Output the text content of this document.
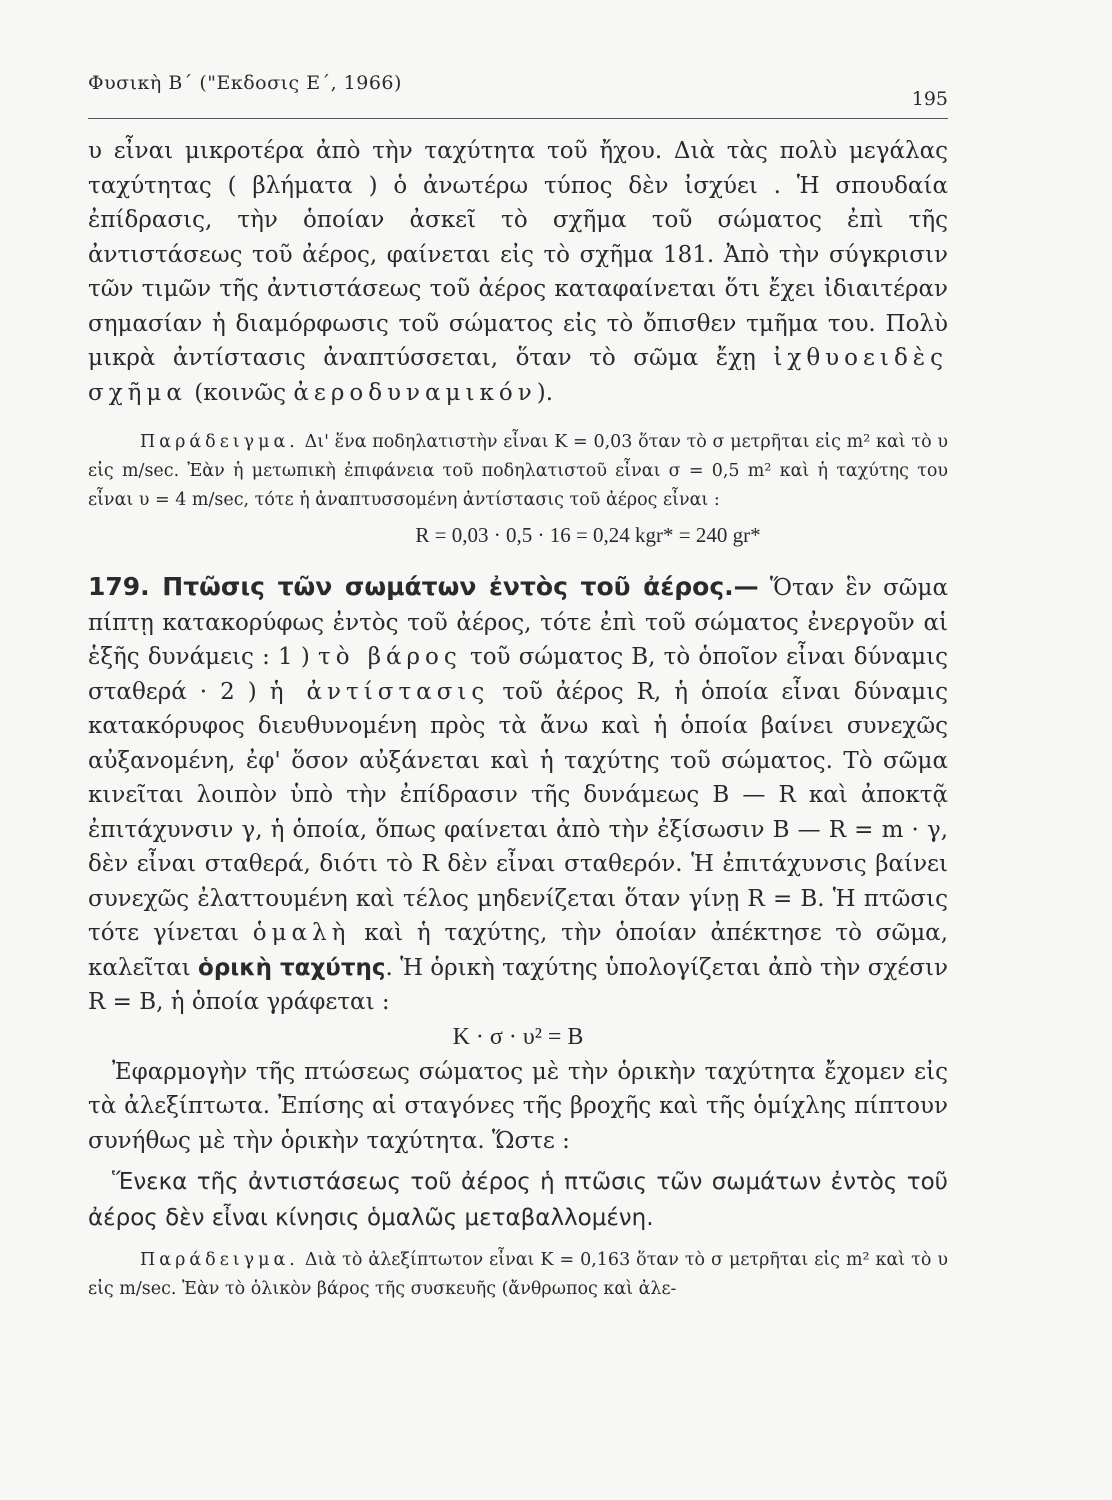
Φυσικὴ Β΄ ("Εκδοσις Ε΄, 1966)
195

υ εἶναι μικροτέρα ἀπὸ τὴν ταχύτητα τοῦ ἤχου. Διὰ τὰς πολὺ μεγάλας ταχύτητας ( βλήματα ) ὁ ἀνωτέρω τύπος δὲν ἰσχύει . Ἡ σπουδαία ἐπίδρασις, τὴν ὁποίαν ἀσκεῖ τὸ σχῆμα τοῦ σώματος ἐπὶ τῆς ἀντιστάσεως τοῦ ἀέρος, φαίνεται εἰς τὸ σχῆμα 181. Ἀπὸ τὴν σύγκρισιν τῶν τιμῶν τῆς ἀντιστάσεως τοῦ ἀέρος καταφαίνεται ὅτι ἔχει ἰδιαιτέραν σημασίαν ἡ διαμόρφωσις τοῦ σώματος εἰς τὸ ὄπισθεν τμῆμα του. Πολὺ μικρὰ ἀντίστασις ἀναπτύσσεται, ὅταν τὸ σῶμα ἔχῃ ἰχθυοειδὲς σχῆμα (κοινῶς ἀεροδυναμικόν).

Παράδειγμα. Δι' ἕνα ποδηλατιστὴν εἶναι K = 0,03 ὅταν τὸ σ μετρῆται εἰς m² καὶ τὸ υ εἰς m/sec. Ἐὰν ἡ μετωπικὴ ἐπιφάνεια τοῦ ποδηλατιστοῦ εἶναι σ = 0,5 m² καὶ ἡ ταχύτης του εἶναι υ = 4 m/sec, τότε ἡ ἀναπτυσσομένη ἀντίστασις τοῦ ἀέρος εἶναι :

R = 0,03 · 0,5 · 16 = 0,24 kgr* = 240 gr*

179. Πτῶσις τῶν σωμάτων ἐντὸς τοῦ ἀέρος.— Ὅταν ἓν σῶμα πίπτῃ κατακορύφως ἐντὸς τοῦ ἀέρος, τότε ἐπὶ τοῦ σώματος ἐνεργοῦν αἱ ἑξῆς δυνάμεις : 1 ) τὸ βάρος τοῦ σώματος B, τὸ ὁποῖον εἶναι δύναμις σταθερά · 2 ) ἡ ἀντίστασις τοῦ ἀέρος R, ἡ ὁποία εἶναι δύναμις κατακόρυφος διευθυνομένη πρὸς τὰ ἄνω καὶ ἡ ὁποία βαίνει συνεχῶς αὐξανομένη, ἐφ' ὅσον αὐξάνεται καὶ ἡ ταχύτης τοῦ σώματος. Τὸ σῶμα κινεῖται λοιπὸν ὑπὸ τὴν ἐπίδρασιν τῆς δυνάμεως B — R καὶ ἀποκτᾷ ἐπιτάχυνσιν γ, ἡ ὁποία, ὅπως φαίνεται ἀπὸ τὴν ἐξίσωσιν B — R = m · γ, δὲν εἶναι σταθερά, διότι τὸ R δὲν εἶναι σταθερόν. Ἡ ἐπιτάχυνσις βαίνει συνεχῶς ἐλαττουμένη καὶ τέλος μηδενίζεται ὅταν γίνῃ R = B. Ἡ πτῶσις τότε γίνεται ὁμαλὴ καὶ ἡ ταχύτης, τὴν ὁποίαν ἀπέκτησε τὸ σῶμα, καλεῖται ὁρικὴ ταχύτης. Ἡ ὁρικὴ ταχύτης ὑπολογίζεται ἀπὸ τὴν σχέσιν R = B, ἡ ὁποία γράφεται :

K · σ · υ² = B

Ἐφαρμογὴν τῆς πτώσεως σώματος μὲ τὴν ὁρικὴν ταχύτητα ἔχομεν εἰς τὰ ἀλεξίπτωτα. Ἐπίσης αἱ σταγόνες τῆς βροχῆς καὶ τῆς ὁμίχλης πίπτουν συνήθως μὲ τὴν ὁρικὴν ταχύτητα. Ὥστε :

Ἕνεκα τῆς ἀντιστάσεως τοῦ ἀέρος ἡ πτῶσις τῶν σωμάτων ἐντὸς τοῦ ἀέρος δὲν εἶναι κίνησις ὁμαλῶς μεταβαλλομένη.

Παράδειγμα. Διὰ τὸ ἀλεξίπτωτον εἶναι K = 0,163 ὅταν τὸ σ μετρῆται εἰς m² καὶ τὸ υ εἰς m/sec. Ἐὰν τὸ ὁλικὸν βάρος τῆς συσκευῆς (ἄνθρωπος καὶ ἀλε-
